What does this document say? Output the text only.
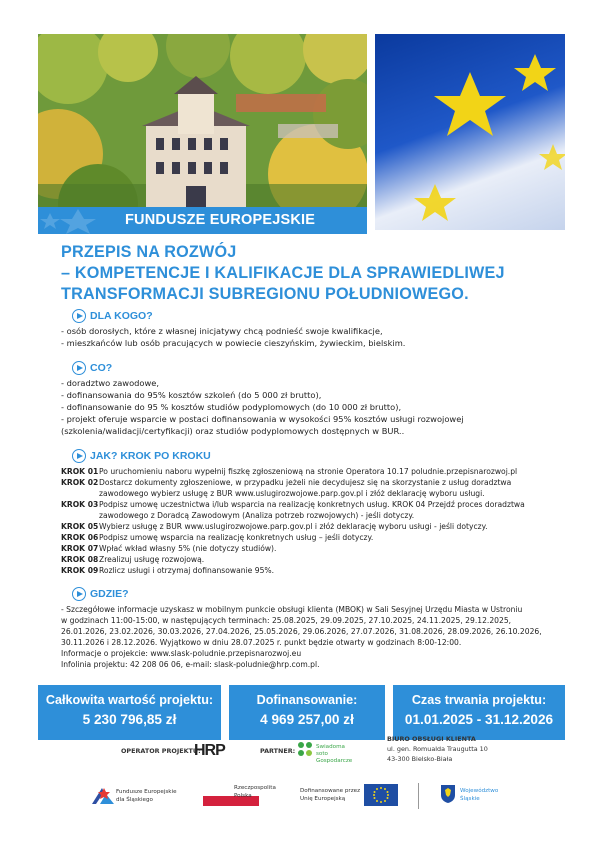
FUNDUSZE EUROPEJSKIE
PRZEPIS NA ROZWÓJ
– KOMPETENCJE I KALIFIKACJE DLA SPRAWIEDLIWEJ
TRANSFORMACJI SUBREGIONU POŁUDNIOWEGO.
DLA KOGO?
- osób dorosłych, które z własnej inicjatywy chcą podnieść swoje kwalifikacje,
- mieszkańców lub osób pracujących w powiecie cieszyńskim, żywieckim, bielskim.
CO?
- doradztwo zawodowe,
- dofinansowania do 95% kosztów szkoleń (do 5 000 zł brutto),
- dofinansowanie do 95 % kosztów studiów podyplomowych (do 10 000 zł brutto),
- projekt oferuje wsparcie w postaci dofinansowania w wysokości 95% kosztów usługi rozwojowej
(szkolenia/walidacji/certyfikacji) oraz studiów podyplomowych dostępnych w BUR..
JAK? KROK PO KROKU
KROK 01 Po uruchomieniu naboru wypełnij fiszkę zgłoszeniową na stronie Operatora 10.17 poludnie.przepisnarozwoj.pl
KROK 02 Dostarcz dokumenty zgłoszeniowe, w przypadku jeżeli nie decydujesz się na skorzystanie z usług doradztwa
zawodowego wybierz usługę z BUR www.uslugirozwojowe.parp.gov.pl i złóż deklarację wyboru usługi.
KROK 03 Podpisz umowę uczestnictwa i/lub wsparcia na realizację konkretnych usług. KROK 04 Przejdź proces doradztwa
zawodowego z Doradcą Zawodowym (Analiza potrzeb rozwojowych) - jeśli dotyczy.
KROK 05 Wybierz usługę z BUR www.uslugirozwojowe.parp.gov.pl i złóż deklarację wyboru usługi - jeśli dotyczy.
KROK 06 Podpisz umowę wsparcia na realizację konkretnych usług – jeśli dotyczy.
KROK 07 Wpłać wkład własny 5% (nie dotyczy studiów).
KROK 08 Zrealizuj usługę rozwojową.
KROK 09 Rozlicz usługi i otrzymaj dofinansowanie 95%.
GDZIE?
- Szczegółowe informacje uzyskasz w mobilnym punkcie obsługi klienta (MBOK) w Sali Sesyjnej Urzędu Miasta w Ustroniu
w godzinach 11:00-15:00, w następujących terminach: 25.08.2025, 29.09.2025, 27.10.2025, 24.11.2025, 29.12.2025,
26.01.2026, 23.02.2026, 30.03.2026, 27.04.2026, 25.05.2026, 29.06.2026, 27.07.2026, 31.08.2026, 28.09.2026, 26.10.2026,
30.11.2026 i 28.12.2026. Wyjątkowo w dniu 28.07.2025 r. punkt będzie otwarty w godzinach 8:00-12:00.
Informacje o projekcie: www.slask-poludnie.przepisnarozwoj.eu
Infolinia projektu: 42 208 06 06, e-mail: slask-poludnie@hrp.com.pl.
Całkowita wartość projektu:
5 230 796,85 zł
Dofinansowanie:
4 969 257,00 zł
Czas trwania projektu:
01.01.2025 - 31.12.2026
OPERATOR PROJEKTU:
HRP	PARTNER:	Swiadoma soto Gospodarcze
BIURO OBSŁUGI KLIENTA
ul. gen. Romualda Traugutta 10
43-300 Bielsko-Biała
Fundusze Europejskie
dla Śląskiego
Rzeczpospolita
Polska
Dofinansowane przez
Unię Europejską
Województwo
Śląskie
